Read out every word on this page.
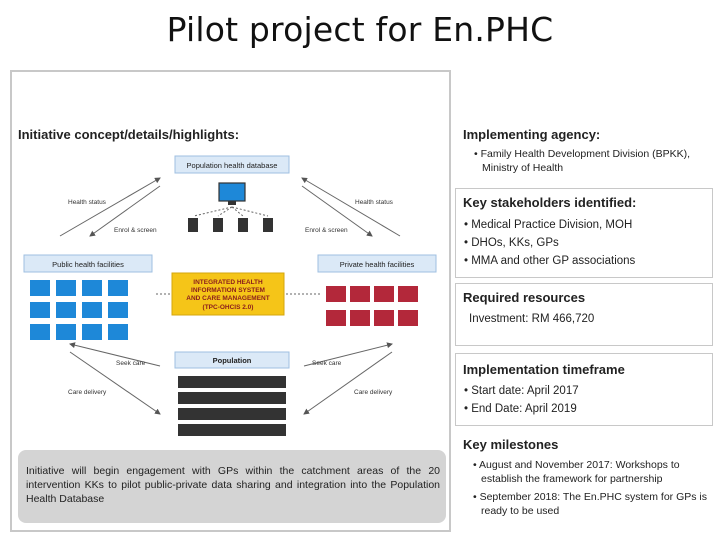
Pilot project for En.PHC
Initiative concept/details/highlights:
Population health database
Health status
Enrol & screen
Health status
Enrol & screen
Public health facilities
INTEGRATED HEALTH
INFORMATION SYSTEM
AND CARE MANAGEMENT
(TPC-OHCIS 2.0)
Private health facilities
Population
Seek care
Care delivery
Seek care
Care delivery
Initiative will begin engagement with GPs within the catchment areas of the 20 intervention KKs to pilot public-private data sharing and integration into the Population Health Database
Implementing agency:
• Family Health Development Division (BPKK), Ministry of Health
Key stakeholders identified:
• Medical Practice Division, MOH
• DHOs, KKs, GPs
• MMA and other GP associations
Required resources
Investment: RM 466,720
Implementation timeframe
• Start date: April 2017
• End Date: April 2019
Key milestones
• August and November 2017: Workshops to establish the framework for partnership
• September 2018: The En.PHC system for GPs is ready to be used
